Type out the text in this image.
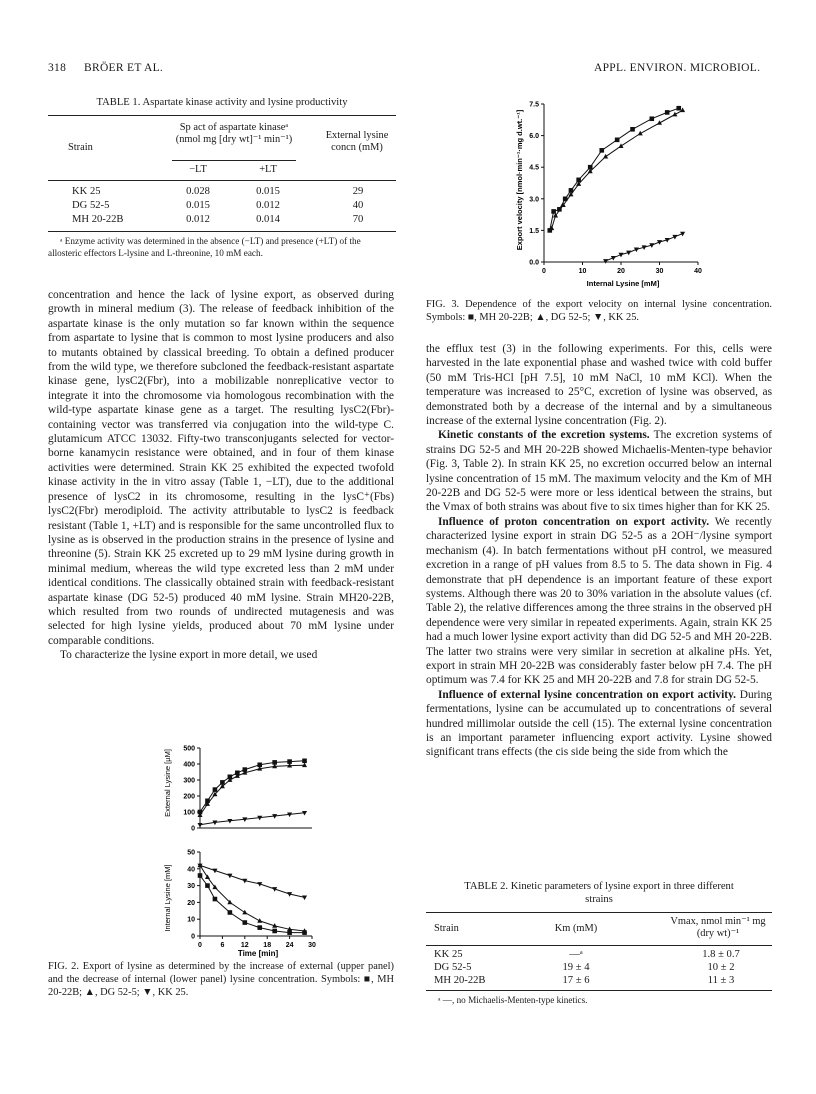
318 BRÖER ET AL.	APPL. ENVIRON. MICROBIOL.

TABLE 1. Aspartate kinase activity and lysine productivity

Strain
Sp act of aspartate kinaseᵃ (nmol mg [dry wt]⁻¹ min⁻¹)
−LT	+LT
External lysine concn (mM)
KK 25	0.028	0.015	29
DG 52-5	0.015	0.012	40
MH 20-22B	0.012	0.014	70

ᵃ Enzyme activity was determined in the absence (−LT) and presence (+LT) of the allosteric effectors L-lysine and L-threonine, 10 mM each.

concentration and hence the lack of lysine export, as observed during growth in mineral medium (3). The release of feedback inhibition of the aspartate kinase is the only mutation so far known within the sequence from aspartate to lysine that is common to most lysine producers and also to mutants obtained by classical breeding. To obtain a defined producer from the wild type, we therefore subcloned the feedback-resistant aspartate kinase gene, lysC2(Fbr), into a mobilizable nonreplicative vector to integrate it into the chromosome via homologous recombination with the wild-type aspartate kinase gene as a target. The resulting lysC2(Fbr)-containing vector was transferred via conjugation into the wild-type C. glutamicum ATCC 13032. Fifty-two transconjugants selected for vector-borne kanamycin resistance were obtained, and in four of them kinase activities were determined. Strain KK 25 exhibited the expected twofold kinase activity in the in vitro assay (Table 1, −LT), due to the additional presence of lysC2 in its chromosome, resulting in the lysC⁺(Fbs) lysC2(Fbr) merodiploid. The activity attributable to lysC2 is feedback resistant (Table 1, +LT) and is responsible for the same uncontrolled flux to lysine as is observed in the production strains in the presence of lysine and threonine (5). Strain KK 25 excreted up to 29 mM lysine during growth in minimal medium, whereas the wild type excreted less than 2 mM under identical conditions. The classically obtained strain with feedback-resistant aspartate kinase (DG 52-5) produced 40 mM lysine. Strain MH20-22B, which resulted from two rounds of undirected mutagenesis and was selected for high lysine yields, produced about 70 mM lysine under comparable conditions.

To characterize the lysine export in more detail, we used

0
100
200
300
400
500
0
10
20
30
40
50
0	6 12 18 24 30
External Lysine [µM]
Internal Lysine [mM]
Time [min]

FIG. 2. Export of lysine as determined by the increase of external (upper panel) and the decrease of internal (lower panel) lysine concentration. Symbols: ■, MH 20-22B; ▲, DG 52-5; ▼, KK 25.

0.0
1.5
3.0
4.5
6.0
7.5
0	10	20	30	40
Export velocity [nmol·min⁻¹·mg d.wt.⁻¹]
Internal Lysine [mM]

FIG. 3. Dependence of the export velocity on internal lysine concentration. Symbols: ■, MH 20-22B; ▲, DG 52-5; ▼, KK 25.

the efflux test (3) in the following experiments. For this, cells were harvested in the late exponential phase and washed twice with cold buffer (50 mM Tris-HCl [pH 7.5], 10 mM NaCl, 10 mM KCl). When the temperature was increased to 25°C, excretion of lysine was observed, as demonstrated both by a decrease of the internal and by a simultaneous increase of the external lysine concentration (Fig. 2).

Kinetic constants of the excretion systems. The excretion systems of strains DG 52-5 and MH 20-22B showed Michaelis-Menten-type behavior (Fig. 3, Table 2). In strain KK 25, no excretion occurred below an internal lysine concentration of 15 mM. The maximum velocity and the Km of MH 20-22B and DG 52-5 were more or less identical between the strains, but the Vmax of both strains was about five to six times higher than for KK 25.

Influence of proton concentration on export activity. We recently characterized lysine export in strain DG 52-5 as a 2OH⁻/lysine symport mechanism (4). In batch fermentations without pH control, we measured excretion in a range of pH values from 8.5 to 5. The data shown in Fig. 4 demonstrate that pH dependence is an important feature of these export systems. Although there was 20 to 30% variation in the absolute values (cf. Table 2), the relative differences among the three strains in the observed pH dependence were very similar in repeated experiments. Again, strain KK 25 had a much lower lysine export activity than did DG 52-5 and MH 20-22B. The latter two strains were very similar in secretion at alkaline pHs. Yet, export in strain MH 20-22B was considerably faster below pH 7.4. The pH optimum was 7.4 for KK 25 and MH 20-22B and 7.8 for strain DG 52-5.

Influence of external lysine concentration on export activity. During fermentations, lysine can be accumulated up to concentrations of several hundred millimolar outside the cell (15). The external lysine concentration is an important parameter influencing export activity. Lysine showed significant trans effects (the cis side being the side from which the

TABLE 2. Kinetic parameters of lysine export in three different strains

Strain	Km (mM)
Vmax, nmol min⁻¹ mg (dry wt)⁻¹
KK 25	—ᵃ	1.8 ± 0.7
DG 52-5	19 ± 4	10 ± 2
MH 20-22B	17 ± 6	11 ± 3

ᵃ —, no Michaelis-Menten-type kinetics.
